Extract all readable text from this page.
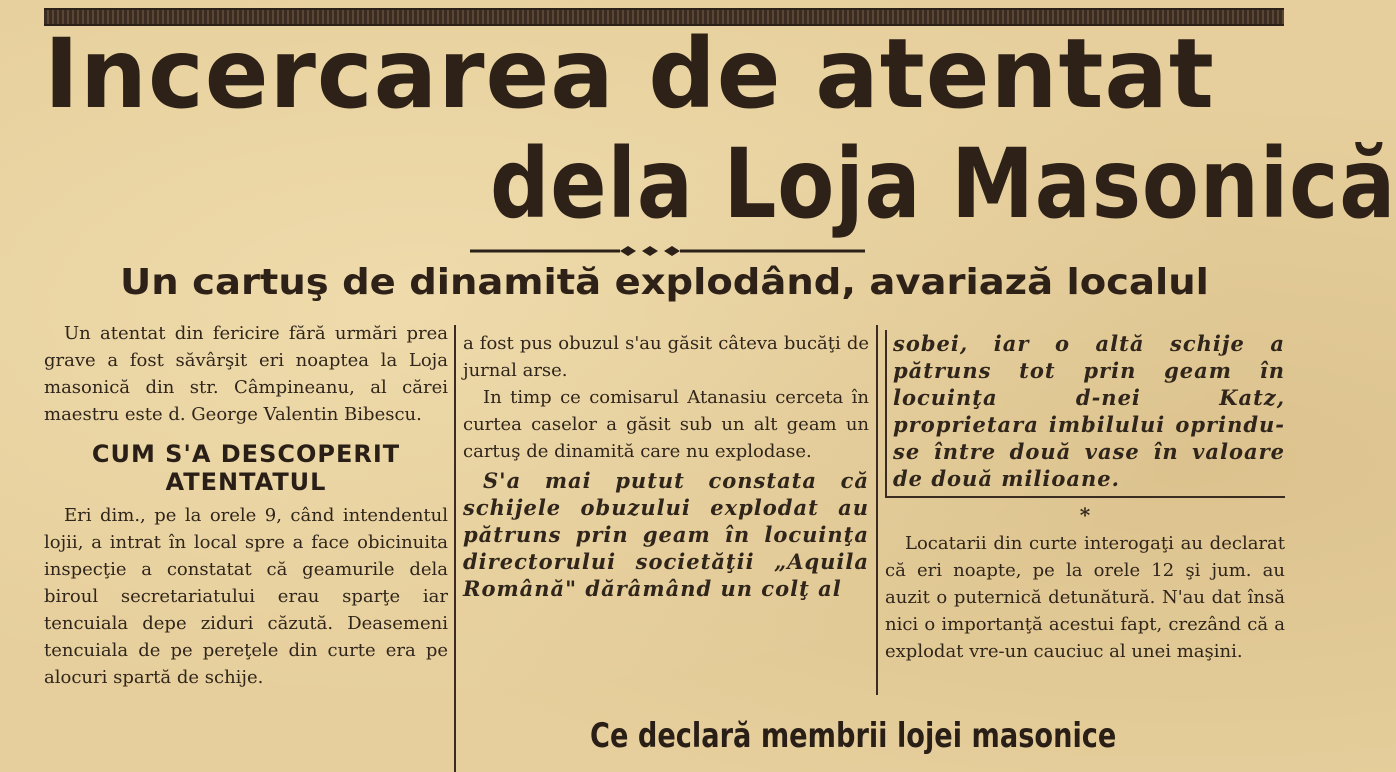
Incercarea de atentat
dela Loja Masonică
Un cartuş de dinamită explodând, avariază localul

Un atentat din fericire fără urmări prea grave a fost săvârşit eri noaptea la Loja masonică din str. Câmpineanu, al cărei maestru este d. George Valentin Bibescu.

CUM S'A DESCOPERIT
ATENTATUL

Eri dim., pe la orele 9, când intendentul lojii, a intrat în local spre a face obicinuita inspecţie a constatat că geamurile dela biroul secretariatului erau sparţe iar tencuiala depe ziduri căzută. Deasemeni tencuiala de pe pereţele din curte era pe alocuri spartă de schije.

a fost pus obuzul s'au găsit câteva bucăţi de jurnal arse.

In timp ce comisarul Atanasiu cerceta în curtea caselor a găsit sub un alt geam un cartuş de dinamită care nu explodase.

S'a mai putut constata că schijele obuzului explodat au pătruns prin geam în locuinţa directorului societăţii „Aquila Română" dărâmând un colţ al

sobei, iar o altă schije a pătruns tot prin geam în locuinţa d-nei Katz, proprietara imbilului oprindu-se între două vase în valoare de două milioane.

*

Locatarii din curte interogaţi au declarat că eri noapte, pe la orele 12 şi jum. au auzit o puternică detunătură. N'au dat însă nici o importanţă acestui fapt, crezând că a explodat vre-un cauciuc al unei maşini.

Ce declară membrii lojei masonice
